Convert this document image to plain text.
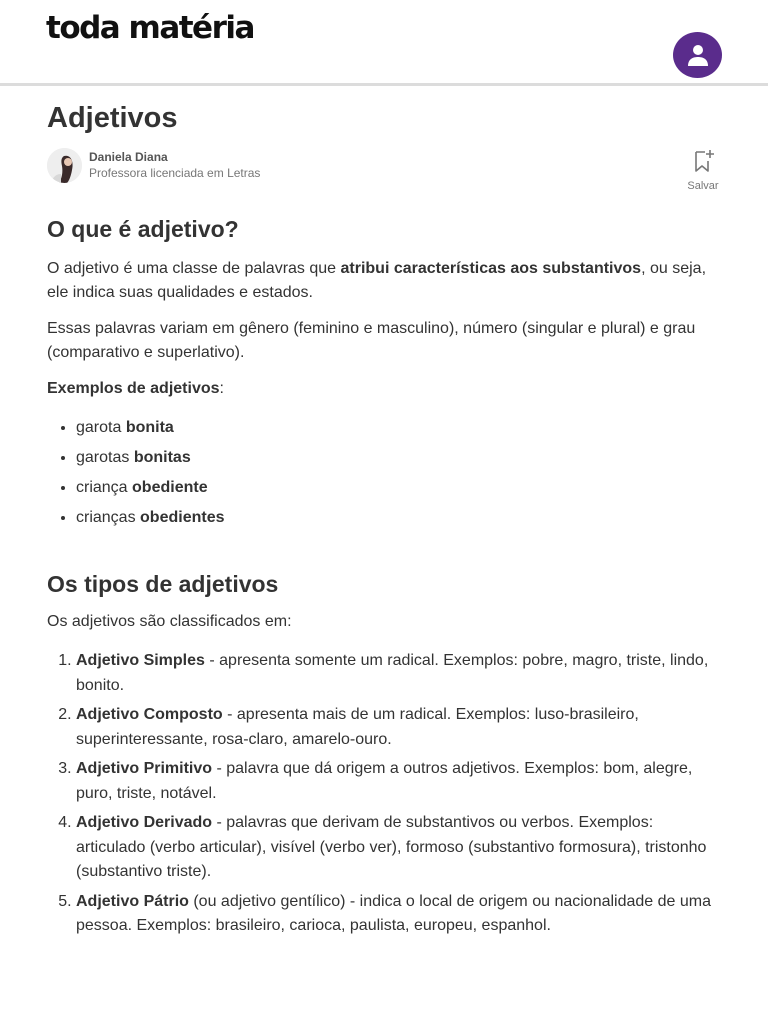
toda matéria
Adjetivos
Daniela Diana
Professora licenciada em Letras
Salvar
O que é adjetivo?

O adjetivo é uma classe de palavras que atribui características aos substantivos, ou seja, ele indica suas qualidades e estados.

Essas palavras variam em gênero (feminino e masculino), número (singular e plural) e grau (comparativo e superlativo).

Exemplos de adjetivos:

• garota bonita
• garotas bonitas
• criança obediente
• crianças obedientes
Os tipos de adjetivos

Os adjetivos são classificados em:

1. Adjetivo Simples - apresenta somente um radical. Exemplos: pobre, magro, triste, lindo, bonito.
2. Adjetivo Composto - apresenta mais de um radical. Exemplos: luso-brasileiro, superinteressante, rosa-claro, amarelo-ouro.
3. Adjetivo Primitivo - palavra que dá origem a outros adjetivos. Exemplos: bom, alegre, puro, triste, notável.
4. Adjetivo Derivado - palavras que derivam de substantivos ou verbos. Exemplos: articulado (verbo articular), visível (verbo ver), formoso (substantivo formosura), tristonho (substantivo triste).
5. Adjetivo Pátrio (ou adjetivo gentílico) - indica o local de origem ou nacionalidade de uma pessoa. Exemplos: brasileiro, carioca, paulista, europeu, espanhol.
